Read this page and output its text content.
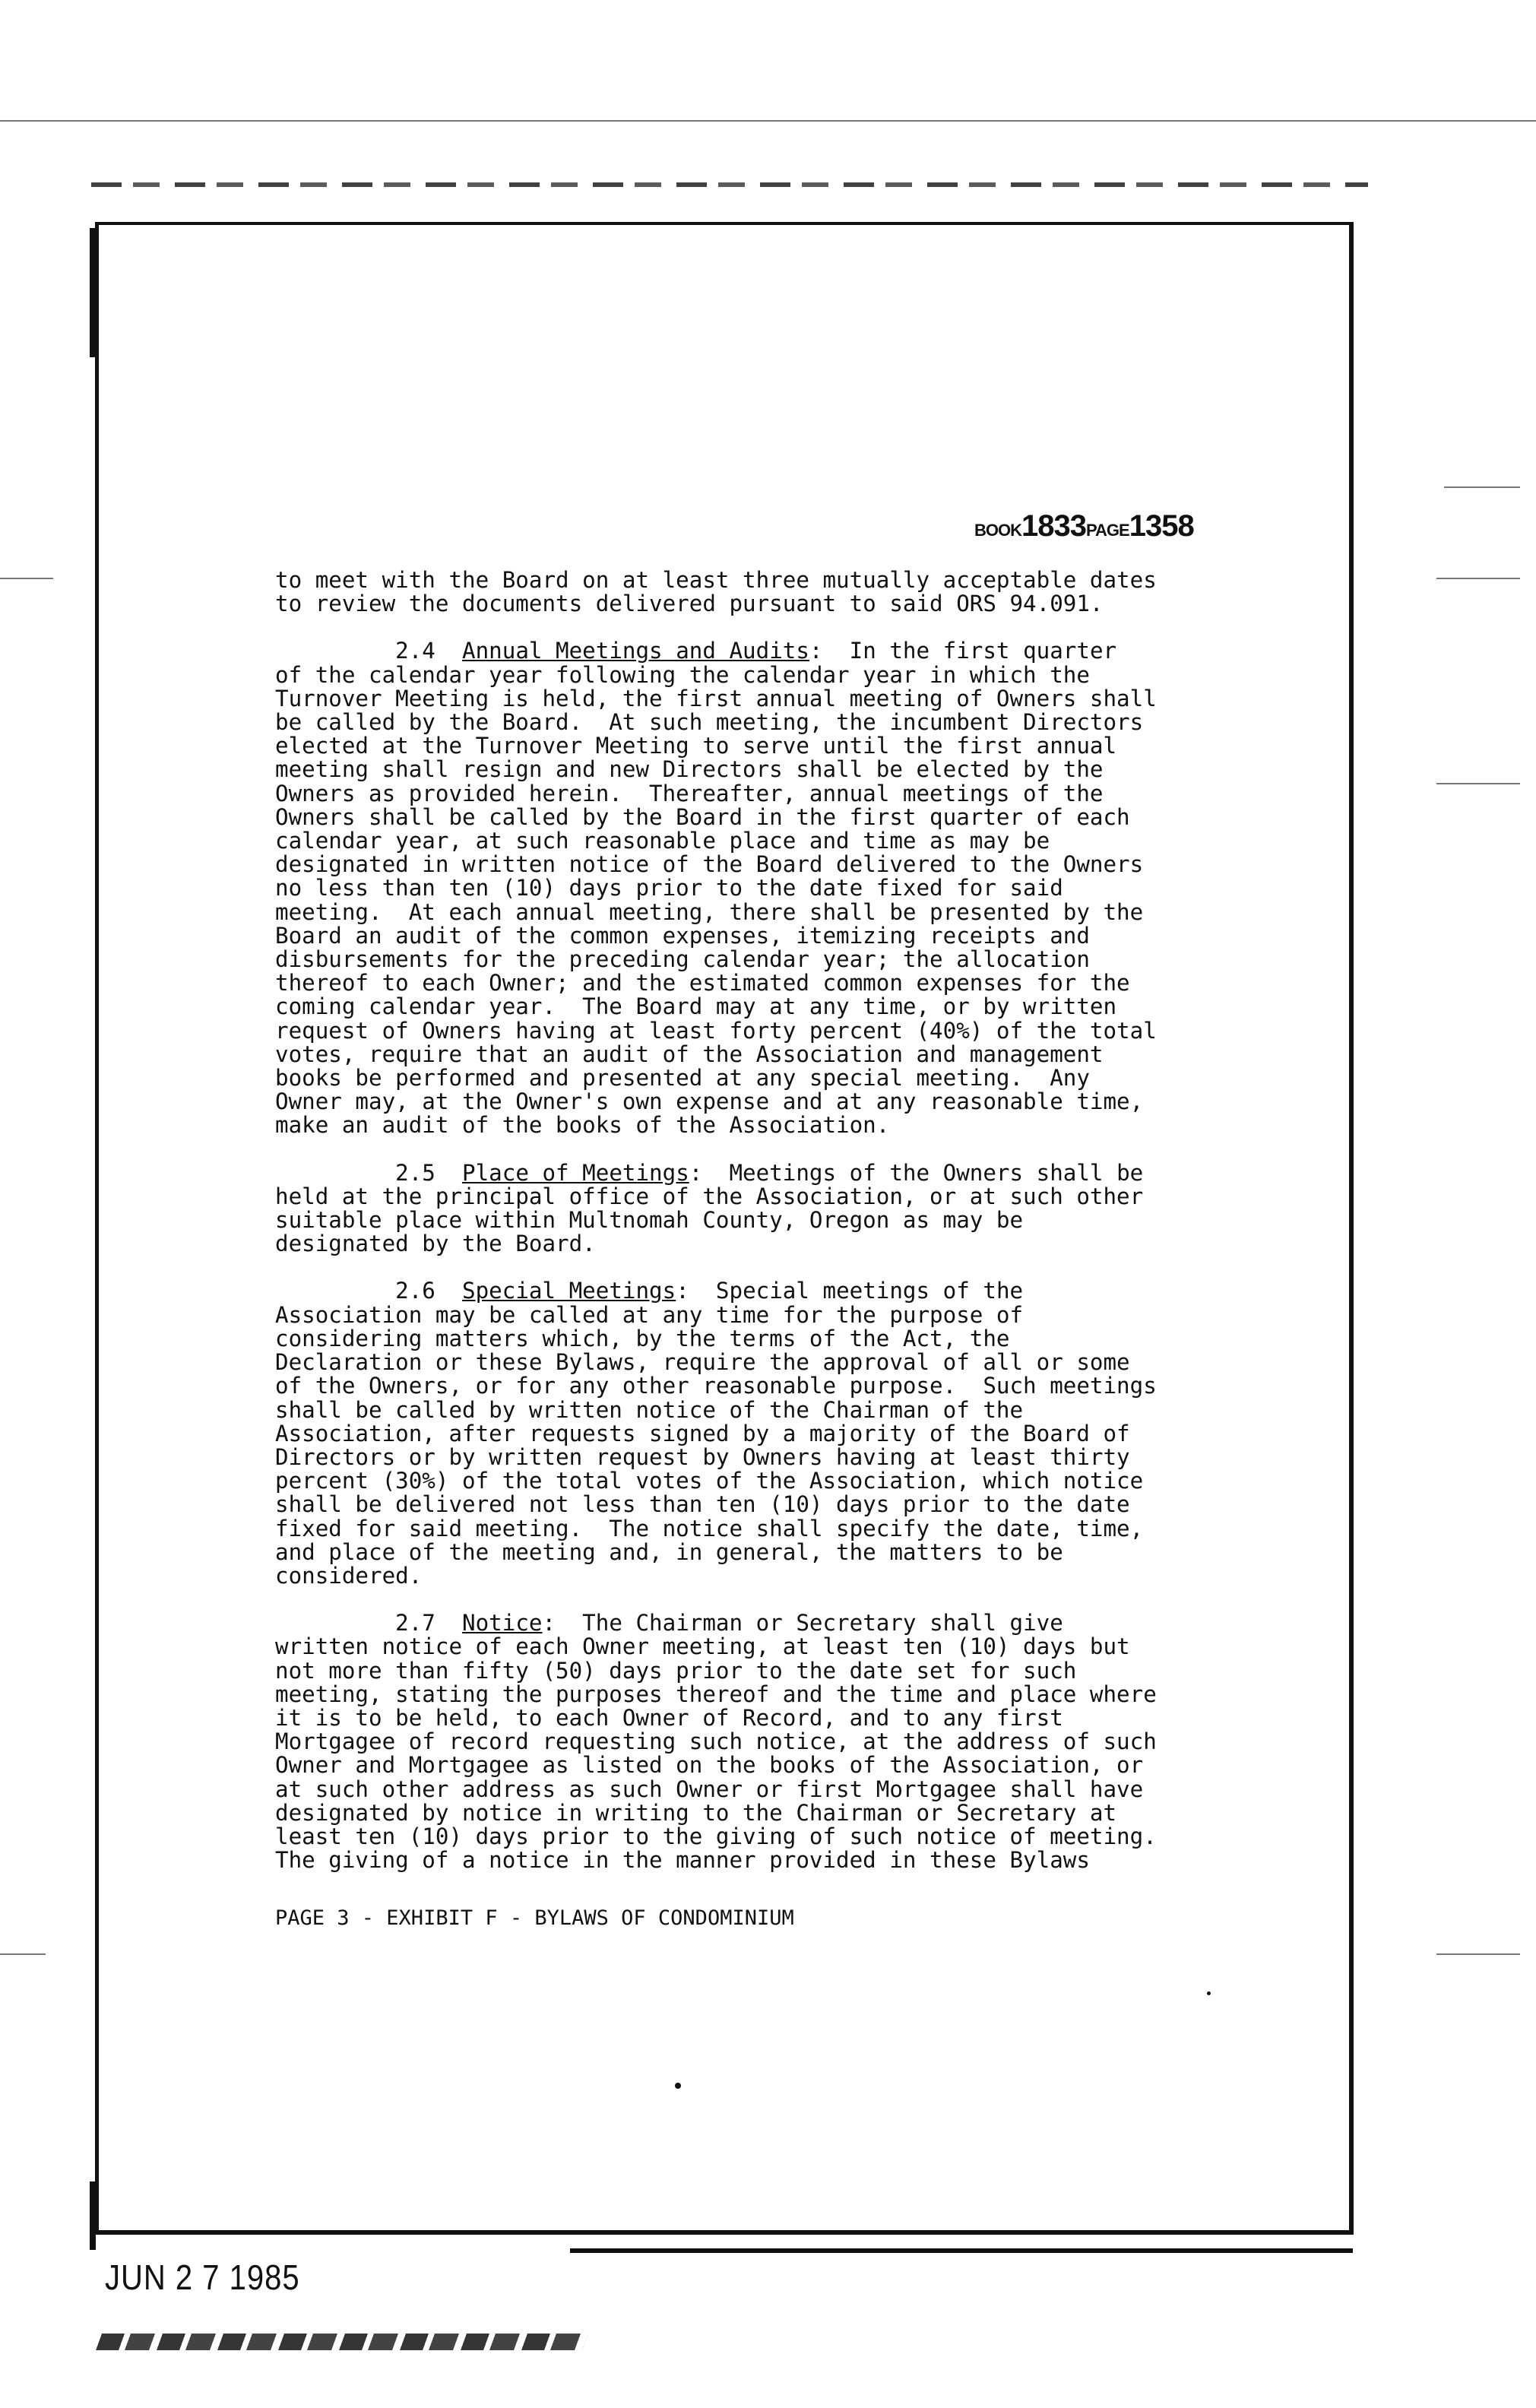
BOOK1833PAGE1358

to meet with the Board on at least three mutually acceptable dates

to review the documents delivered pursuant to said ORS 94.091.

2.4 Annual Meetings and Audits:  In the first quarter

of the calendar year following the calendar year in which the

Turnover Meeting is held, the first annual meeting of Owners shall

be called by the Board.  At such meeting, the incumbent Directors

elected at the Turnover Meeting to serve until the first annual

meeting shall resign and new Directors shall be elected by the

Owners as provided herein.  Thereafter, annual meetings of the

Owners shall be called by the Board in the first quarter of each

calendar year, at such reasonable place and time as may be

designated in written notice of the Board delivered to the Owners

no less than ten (10) days prior to the date fixed for said

meeting.  At each annual meeting, there shall be presented by the

Board an audit of the common expenses, itemizing receipts and

disbursements for the preceding calendar year; the allocation

thereof to each Owner; and the estimated common expenses for the

coming calendar year.  The Board may at any time, or by written

request of Owners having at least forty percent (40%) of the total

votes, require that an audit of the Association and management

books be performed and presented at any special meeting.  Any

Owner may, at the Owner's own expense and at any reasonable time,

make an audit of the books of the Association.

2.5 Place of Meetings:  Meetings of the Owners shall be

held at the principal office of the Association, or at such other

suitable place within Multnomah County, Oregon as may be

designated by the Board.

2.6 Special Meetings:  Special meetings of the

Association may be called at any time for the purpose of

considering matters which, by the terms of the Act, the

Declaration or these Bylaws, require the approval of all or some

of the Owners, or for any other reasonable purpose.  Such meetings

shall be called by written notice of the Chairman of the

Association, after requests signed by a majority of the Board of

Directors or by written request by Owners having at least thirty

percent (30%) of the total votes of the Association, which notice

shall be delivered not less than ten (10) days prior to the date

fixed for said meeting.  The notice shall specify the date, time,

and place of the meeting and, in general, the matters to be

considered.

2.7 Notice:  The Chairman or Secretary shall give

written notice of each Owner meeting, at least ten (10) days but

not more than fifty (50) days prior to the date set for such

meeting, stating the purposes thereof and the time and place where

it is to be held, to each Owner of Record, and to any first

Mortgagee of record requesting such notice, at the address of such

Owner and Mortgagee as listed on the books of the Association, or

at such other address as such Owner or first Mortgagee shall have

designated by notice in writing to the Chairman or Secretary at

least ten (10) days prior to the giving of such notice of meeting.

The giving of a notice in the manner provided in these Bylaws

PAGE 3 - EXHIBIT F - BYLAWS OF CONDOMINIUM
JUN 2 7 1985
